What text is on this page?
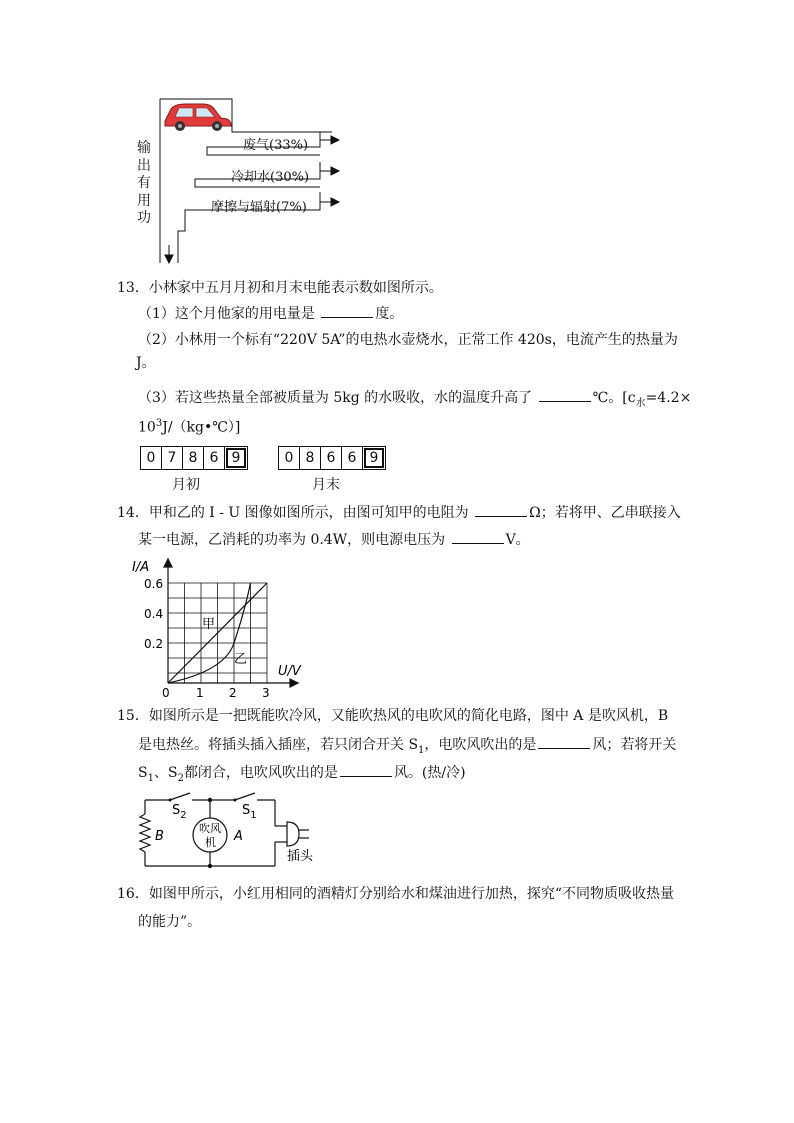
输
出
有
用
功
废气(33%)
冷却水(30%)
摩擦与辐射(7%)
13．小林家中五月月初和月末电能表示数如图所示。
（1）这个月他家的用电量是	度。
（2）小林用一个标有“220V 5A”的电热水壶烧水，正常工作 420s，电流产生的热量为
J。
（3）若这些热量全部被质量为 5kg 的水吸收，水的温度升高了	℃。[$c_水=4.2\times$
$10^3J/(kg•℃)$]
0 7 8 6 9
月初
0 8 6 6 9
月末
14．甲和乙的 I - U 图像如图所示，由图可知甲的电阻为	Ω；若将甲、乙串联接入
某一电源，乙消耗的功率为 0.4W，则电源电压为	V。
I/A
U/V
0.6
0.4
0.2
0 1 2 3
甲
乙
15．如图所示是一把既能吹冷风，又能吹热风的电吹风的简化电路，图中 A 是吹风机，B
是电热丝。将插头插入插座，若只闭合开关 $S_1$，电吹风吹出的是	风；若将开关
$S_1$、$S_2$都闭合，电吹风吹出的是	风。(热/冷)
$S_2$	$S_1$
B	A
吹风
机
插头
16．如图甲所示，小红用相同的酒精灯分别给水和煤油进行加热，探究“不同物质吸收热量
的能力”。
